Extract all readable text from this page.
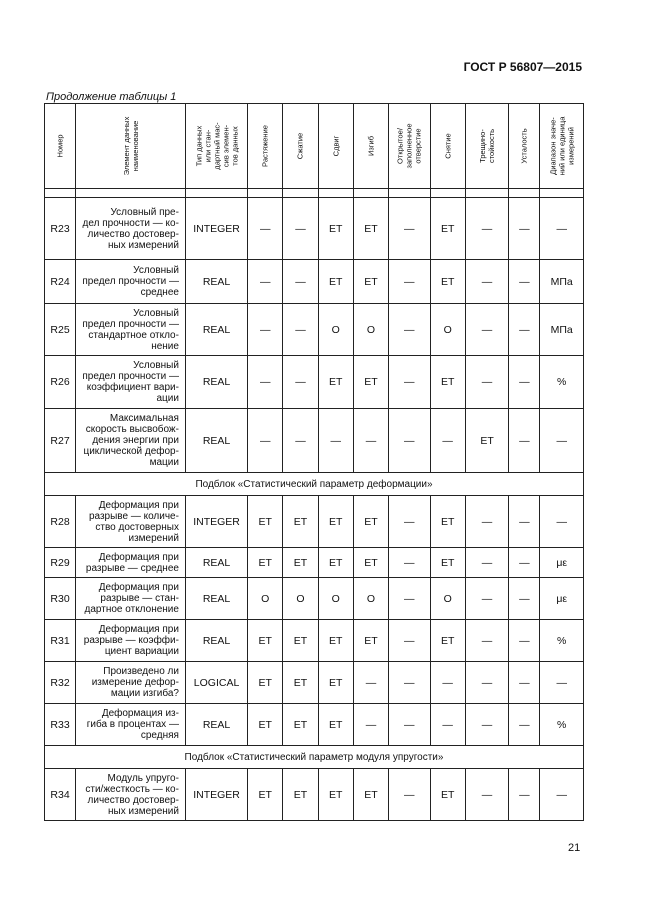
ГОСТ Р 56807—2015
Продолжение таблицы 1
Номер	Элемент данных
наименование	Тип данных
или стан-
дартный мас-
сив элемен-
тов данных	Растяжение	Сжатие	Сдвиг	Изгиб	Открытое/
заполненное
отверстие	Снятие	Трещино-
стойкость	Усталость	Диапазон значе-
ний или единица
измерений

R23	Условный пре-
дел прочности — ко-
личество достовер-
ных измерений	INTEGER	—	—	ET	ET	—	ET	—	—	—
R24	Условный
предел прочности —
среднее	REAL	—	—	ET	ET	—	ET	—	—	МПа
R25	Условный
предел прочности —
стандартное откло-
нение	REAL	—	—	O	O	—	O	—	—	МПа
R26	Условный
предел прочности —
коэффициент вари-
ации	REAL	—	—	ET	ET	—	ET	—	—	%
R27	Максимальная
скорость высвобож-
дения энергии при
циклической дефор-
мации	REAL	—	—	—	—	—	—	ET	—	—
Подблок «Статистический параметр деформации»											
R28	Деформация при
разрыве — количе-
ство достоверных
измерений	INTEGER	ET	ET	ET	ET	—	ET	—	—	—
R29	Деформация при
разрыве — среднее	REAL	ET	ET	ET	ET	—	ET	—	—	με
R30	Деформация при
разрыве — стан-
дартное отклонение	REAL	O	O	O	O	—	O	—	—	με
R31	Деформация при
разрыве — коэффи-
циент вариации	REAL	ET	ET	ET	ET	—	ET	—	—	%
R32	Произведено ли
измерение дефор-
мации изгиба?	LOGICAL	ET	ET	ET	—	—	—	—	—	—
R33	Деформация из-
гиба в процентах —
средняя	REAL	ET	ET	ET	—	—	—	—	—	%
Подблок «Статистический параметр модуля упругости»											
R34	Модуль упруго-
сти/жесткость — ко-
личество достовер-
ных измерений	INTEGER	ET	ET	ET	ET	—	ET	—	—	—
21
